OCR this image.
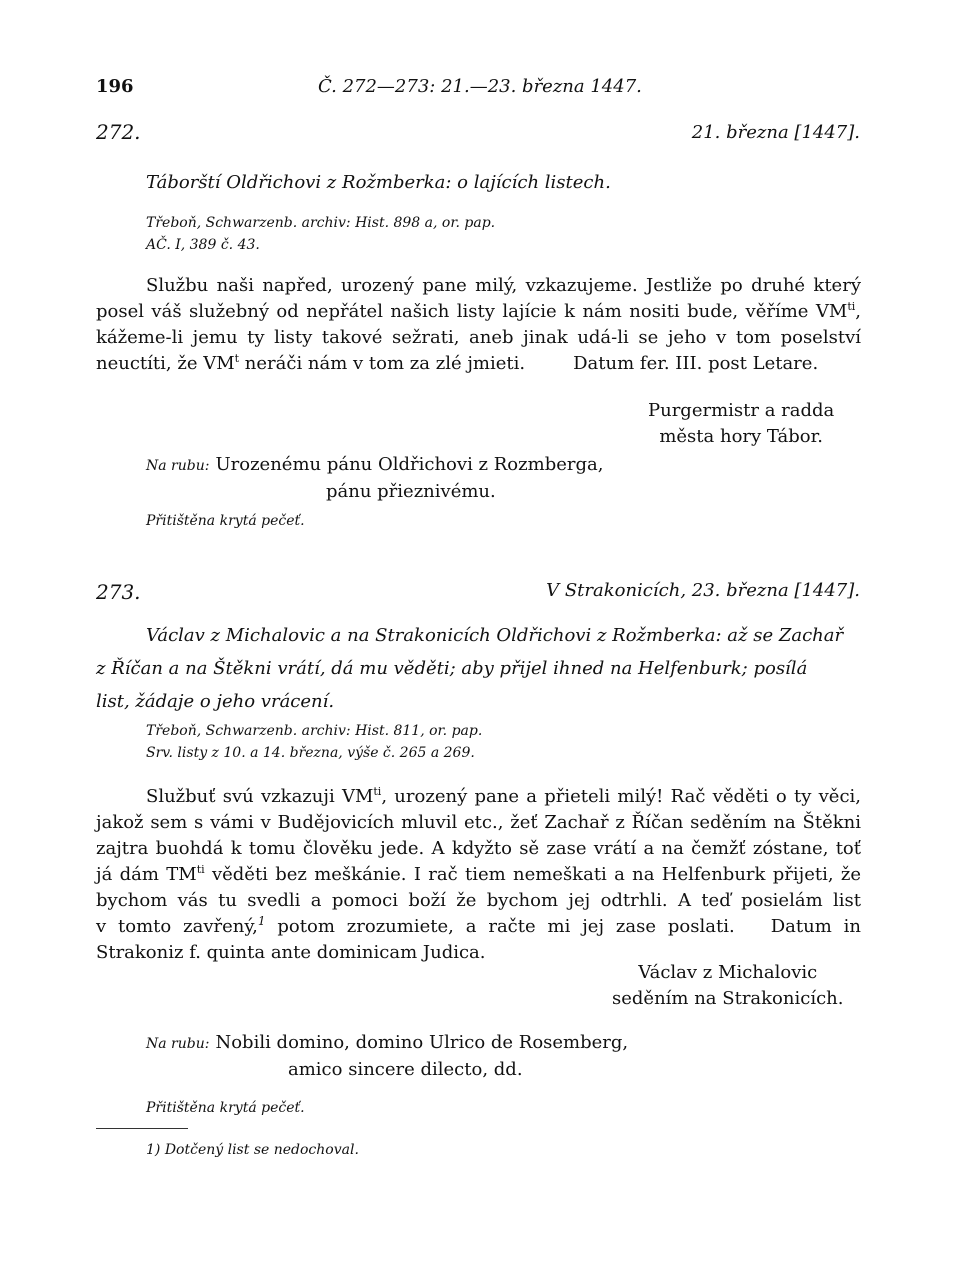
196	Č. 272—273: 21.—23. března 1447.
272.	21. března [1447].
Táborští Oldřichovi z Rožmberka: o lajících listech.
Třeboň, Schwarzenb. archiv: Hist. 898 a, or. pap.
AČ. I, 389 č. 43.
Službu naši napřed, urozený pane milý, vzkazujeme. Jestliže po druhé který
posel váš služebný od nepřátel našich listy lajície k nám nositi bude, věříme $VM^{ti}$,
kážeme-li jemu ty listy takové sežrati, aneb jinak udá-li se jeho v tom poselství
neuctíti, že $VM^t$ neráči nám v tom za zlé jmieti.	Datum fer. III. post Letare.
Purgermistr a radda
města hory Tábor.
Na rubu: Urozenému pánu Oldřichovi z Rozmberga,
pánu přieznivému.
Přitištěna krytá pečeť.
273.	V Strakonicích, 23. března [1447].
Václav z Michalovic a na Strakonicích Oldřichovi z Rožmberka: až se Zachař
z Říčan a na Štěkni vrátí, dá mu věděti; aby přijel ihned na Helfenburk; posílá
list, žádaje o jeho vrácení.
Třeboň, Schwarzenb. archiv: Hist. 811, or. pap.
Srv. listy z 10. a 14. března, výše č. 265 a 269.
Službuť svú vzkazuji $VM^{ti}$, urozený pane a přieteli milý! Rač věděti o ty věci,
jakož sem s vámi v Budějovicích mluvil etc., žeť Zachař z Říčan seděním na Štěkni
zajtra buohdá k tomu člověku jede. A kdyžto sě zase vrátí a na čemžť zóstane, toť
já dám $TM^{ti}$ věděti bez meškánie. I rač tiem nemeškati a na Helfenburk přijeti, že
bychom vás tu svedli a pomoci boží že bychom jej odtrhli. A teď posielám list
v tomto zavřený,$^1$ potom zrozumiete, a račte mi jej zase poslati. Datum in
Strakoniz f. quinta ante dominicam Judica.
Václav z Michalovic
seděním na Strakonicích.
Na rubu: Nobili domino, domino Ulrico de Rosemberg,
amico sincere dilecto, dd.
Přitištěna krytá pečeť.
1) Dotčený list se nedochoval.
